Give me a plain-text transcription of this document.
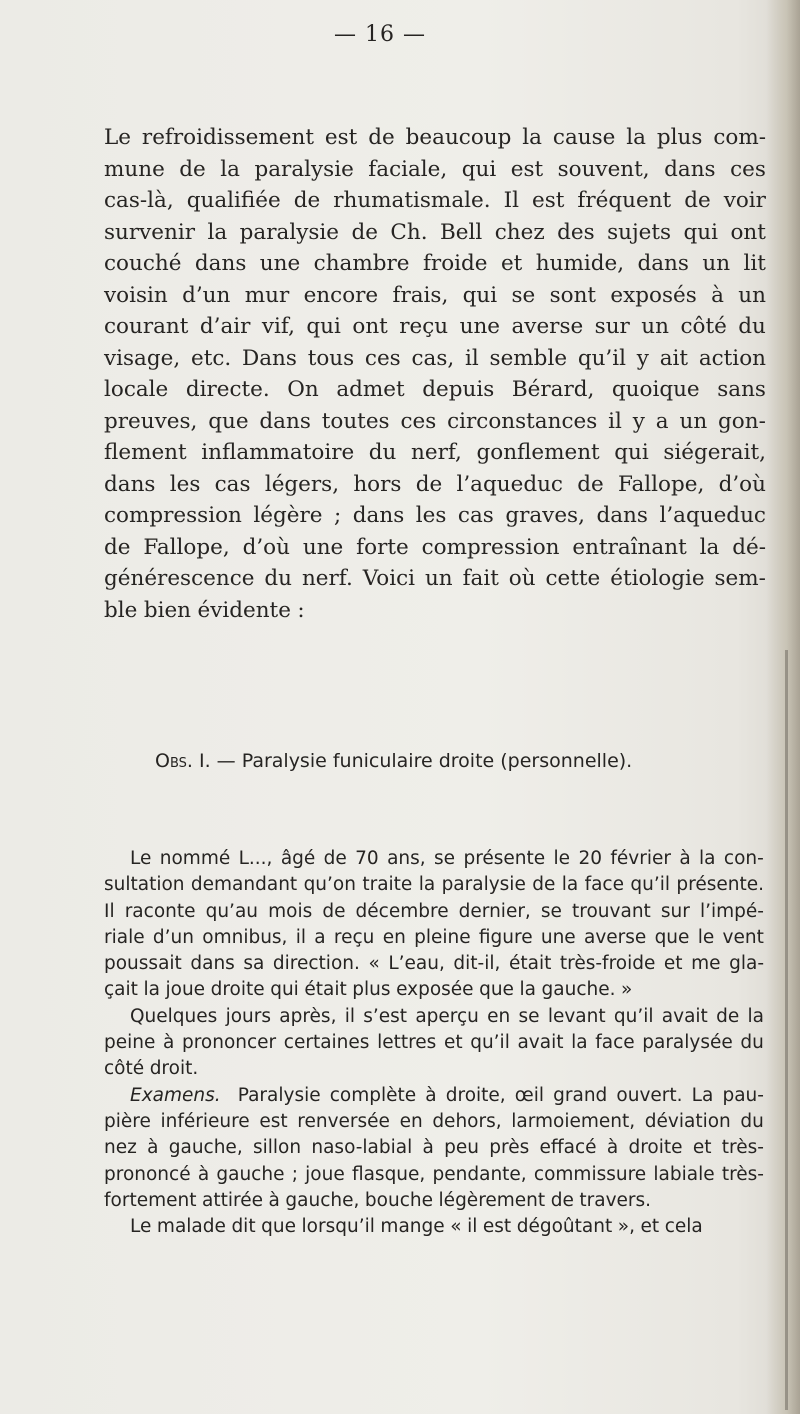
— 16 —
Le refroidissement est de beaucoup la cause la plus com-
mune de la paralysie faciale, qui est souvent, dans ces
cas-là, qualifiée de rhumatismale. Il est fréquent de voir
survenir la paralysie de Ch. Bell chez des sujets qui ont
couché dans une chambre froide et humide, dans un lit
voisin d’un mur encore frais, qui se sont exposés à un
courant d’air vif, qui ont reçu une averse sur un côté du
visage, etc. Dans tous ces cas, il semble qu’il y ait action
locale directe. On admet depuis Bérard, quoique sans
preuves, que dans toutes ces circonstances il y a un gon-
flement inflammatoire du nerf, gonflement qui siégerait,
dans les cas légers, hors de l’aqueduc de Fallope, d’où
compression légère ; dans les cas graves, dans l’aqueduc
de Fallope, d’où une forte compression entraînant la dé-
générescence du nerf. Voici un fait où cette étiologie sem-
ble bien évidente :
Obs. I. — Paralysie funiculaire droite (personnelle).
Le nommé L..., âgé de 70 ans, se présente le 20 février à la con-
sultation demandant qu’on traite la paralysie de la face qu’il présente.
Il raconte qu’au mois de décembre dernier, se trouvant sur l’impé-
riale d’un omnibus, il a reçu en pleine figure une averse que le vent
poussait dans sa direction. « L’eau, dit-il, était très-froide et me gla-
çait la joue droite qui était plus exposée que la gauche. »
Quelques jours après, il s’est aperçu en se levant qu’il avait de la
peine à prononcer certaines lettres et qu’il avait la face paralysée du
côté droit.
Examens. Paralysie complète à droite, œil grand ouvert. La pau-
pière inférieure est renversée en dehors, larmoiement, déviation du
nez à gauche, sillon naso-labial à peu près effacé à droite et très-
prononcé à gauche ; joue flasque, pendante, commissure labiale très-
fortement attirée à gauche, bouche légèrement de travers.
Le malade dit que lorsqu’il mange « il est dégoûtant », et cela
